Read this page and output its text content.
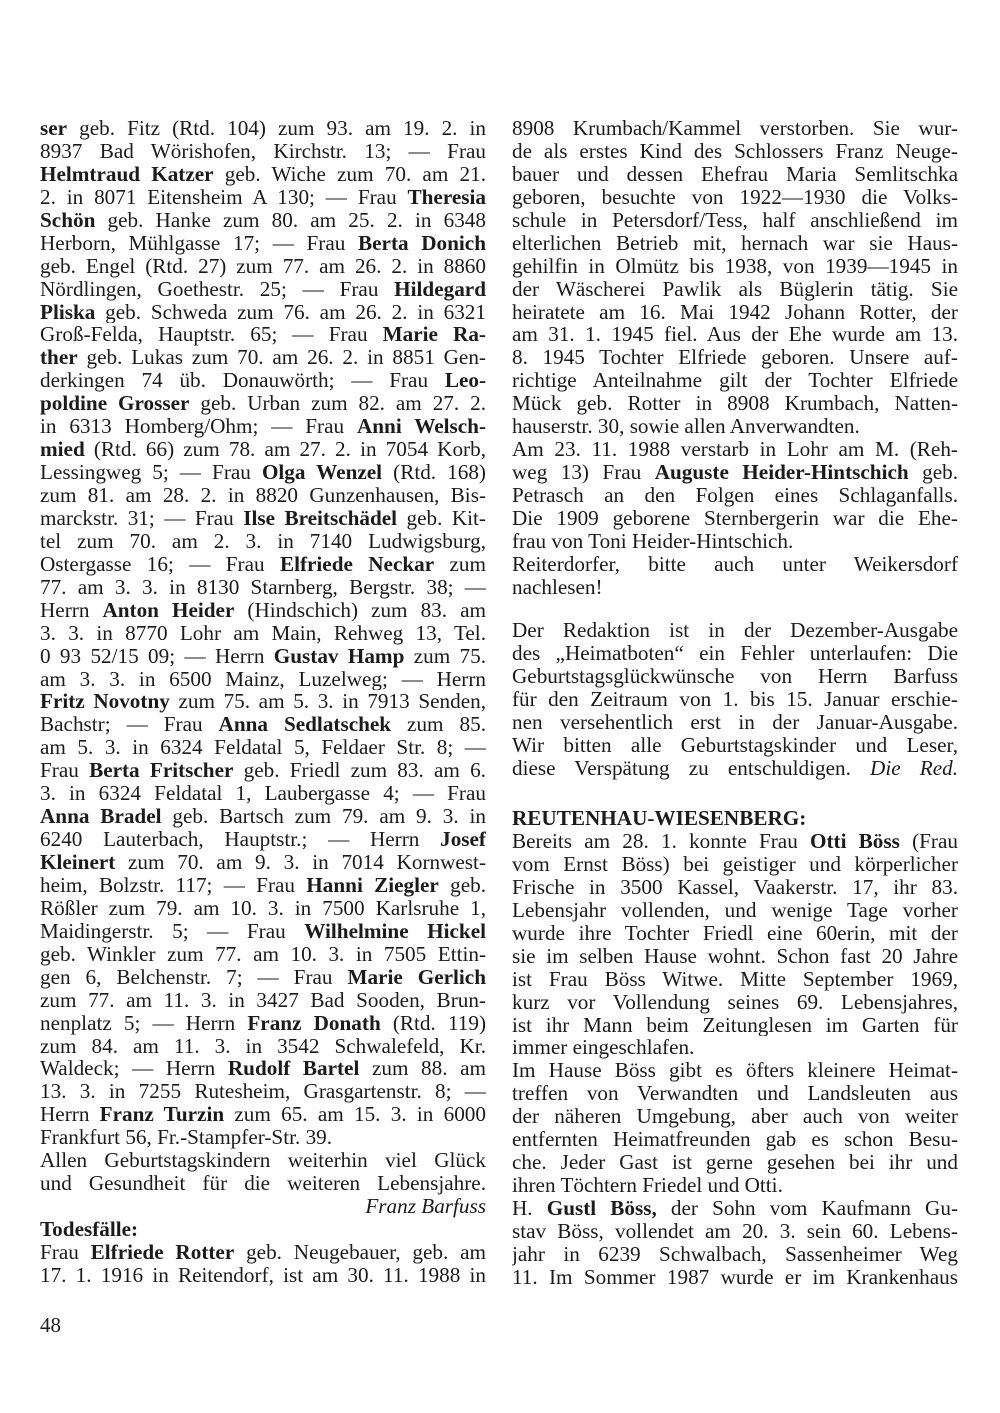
ser geb. Fitz (Rtd. 104) zum 93. am 19. 2. in
8937 Bad Wörishofen, Kirchstr. 13; — Frau
Helmtraud Katzer geb. Wiche zum 70. am 21.
2. in 8071 Eitensheim A 130; — Frau Theresia
Schön geb. Hanke zum 80. am 25. 2. in 6348
Herborn, Mühlgasse 17; — Frau Berta Donich
geb. Engel (Rtd. 27) zum 77. am 26. 2. in 8860
Nördlingen, Goethestr. 25; — Frau Hildegard
Pliska geb. Schweda zum 76. am 26. 2. in 6321
Groß-Felda, Hauptstr. 65; — Frau Marie Ra-
ther geb. Lukas zum 70. am 26. 2. in 8851 Gen-
derkingen 74 üb. Donauwörth; — Frau Leo-
poldine Grosser geb. Urban zum 82. am 27. 2.
in 6313 Homberg/Ohm; — Frau Anni Welsch-
mied (Rtd. 66) zum 78. am 27. 2. in 7054 Korb,
Lessingweg 5; — Frau Olga Wenzel (Rtd. 168)
zum 81. am 28. 2. in 8820 Gunzenhausen, Bis-
marckstr. 31; — Frau Ilse Breitschädel geb. Kit-
tel zum 70. am 2. 3. in 7140 Ludwigsburg,
Ostergasse 16; — Frau Elfriede Neckar zum
77. am 3. 3. in 8130 Starnberg, Bergstr. 38; —
Herrn Anton Heider (Hindschich) zum 83. am
3. 3. in 8770 Lohr am Main, Rehweg 13, Tel.
0 93 52/15 09; — Herrn Gustav Hamp zum 75.
am 3. 3. in 6500 Mainz, Luzelweg; — Herrn
Fritz Novotny zum 75. am 5. 3. in 7913 Senden,
Bachstr; — Frau Anna Sedlatschek zum 85.
am 5. 3. in 6324 Feldatal 5, Feldaer Str. 8; —
Frau Berta Fritscher geb. Friedl zum 83. am 6.
3. in 6324 Feldatal 1, Laubergasse 4; — Frau
Anna Bradel geb. Bartsch zum 79. am 9. 3. in
6240 Lauterbach, Hauptstr.; — Herrn Josef
Kleinert zum 70. am 9. 3. in 7014 Kornwest-
heim, Bolzstr. 117; — Frau Hanni Ziegler geb.
Rößler zum 79. am 10. 3. in 7500 Karlsruhe 1,
Maidingerstr. 5; — Frau Wilhelmine Hickel
geb. Winkler zum 77. am 10. 3. in 7505 Ettin-
gen 6, Belchenstr. 7; — Frau Marie Gerlich
zum 77. am 11. 3. in 3427 Bad Sooden, Brun-
nenplatz 5; — Herrn Franz Donath (Rtd. 119)
zum 84. am 11. 3. in 3542 Schwalefeld, Kr.
Waldeck; — Herrn Rudolf Bartel zum 88. am
13. 3. in 7255 Rutesheim, Grasgartenstr. 8; —
Herrn Franz Turzin zum 65. am 15. 3. in 6000
Frankfurt 56, Fr.-Stampfer-Str. 39.
Allen Geburtstagskindern weiterhin viel Glück
und Gesundheit für die weiteren Lebensjahre.
Franz Barfuss
Todesfälle:
Frau Elfriede Rotter geb. Neugebauer, geb. am
17. 1. 1916 in Reitendorf, ist am 30. 11. 1988 in
8908 Krumbach/Kammel verstorben. Sie wur-
de als erstes Kind des Schlossers Franz Neuge-
bauer und dessen Ehefrau Maria Semlitschka
geboren, besuchte von 1922—1930 die Volks-
schule in Petersdorf/Tess, half anschließend im
elterlichen Betrieb mit, hernach war sie Haus-
gehilfin in Olmütz bis 1938, von 1939—1945 in
der Wäscherei Pawlik als Büglerin tätig. Sie
heiratete am 16. Mai 1942 Johann Rotter, der
am 31. 1. 1945 fiel. Aus der Ehe wurde am 13.
8. 1945 Tochter Elfriede geboren. Unsere auf-
richtige Anteilnahme gilt der Tochter Elfriede
Mück geb. Rotter in 8908 Krumbach, Natten-
hauserstr. 30, sowie allen Anverwandten.
Am 23. 11. 1988 verstarb in Lohr am M. (Reh-
weg 13) Frau Auguste Heider-Hintschich geb.
Petrasch an den Folgen eines Schlaganfalls.
Die 1909 geborene Sternbergerin war die Ehe-
frau von Toni Heider-Hintschich.
Reiterdorfer, bitte auch unter Weikersdorf
nachlesen!
Der Redaktion ist in der Dezember-Ausgabe
des „Heimatboten“ ein Fehler unterlaufen: Die
Geburtstagsglückwünsche von Herrn Barfuss
für den Zeitraum von 1. bis 15. Januar erschie-
nen versehentlich erst in der Januar-Ausgabe.
Wir bitten alle Geburtstagskinder und Leser,
diese Verspätung zu entschuldigen. Die Red.
REUTENHAU-WIESENBERG:
Bereits am 28. 1. konnte Frau Otti Böss (Frau
vom Ernst Böss) bei geistiger und körperlicher
Frische in 3500 Kassel, Vaakerstr. 17, ihr 83.
Lebensjahr vollenden, und wenige Tage vorher
wurde ihre Tochter Friedl eine 60erin, mit der
sie im selben Hause wohnt. Schon fast 20 Jahre
ist Frau Böss Witwe. Mitte September 1969,
kurz vor Vollendung seines 69. Lebensjahres,
ist ihr Mann beim Zeitunglesen im Garten für
immer eingeschlafen.
Im Hause Böss gibt es öfters kleinere Heimat-
treffen von Verwandten und Landsleuten aus
der näheren Umgebung, aber auch von weiter
entfernten Heimatfreunden gab es schon Besu-
che. Jeder Gast ist gerne gesehen bei ihr und
ihren Töchtern Friedel und Otti.
H. Gustl Böss, der Sohn vom Kaufmann Gu-
stav Böss, vollendet am 20. 3. sein 60. Lebens-
jahr in 6239 Schwalbach, Sassenheimer Weg
11. Im Sommer 1987 wurde er im Krankenhaus
48
